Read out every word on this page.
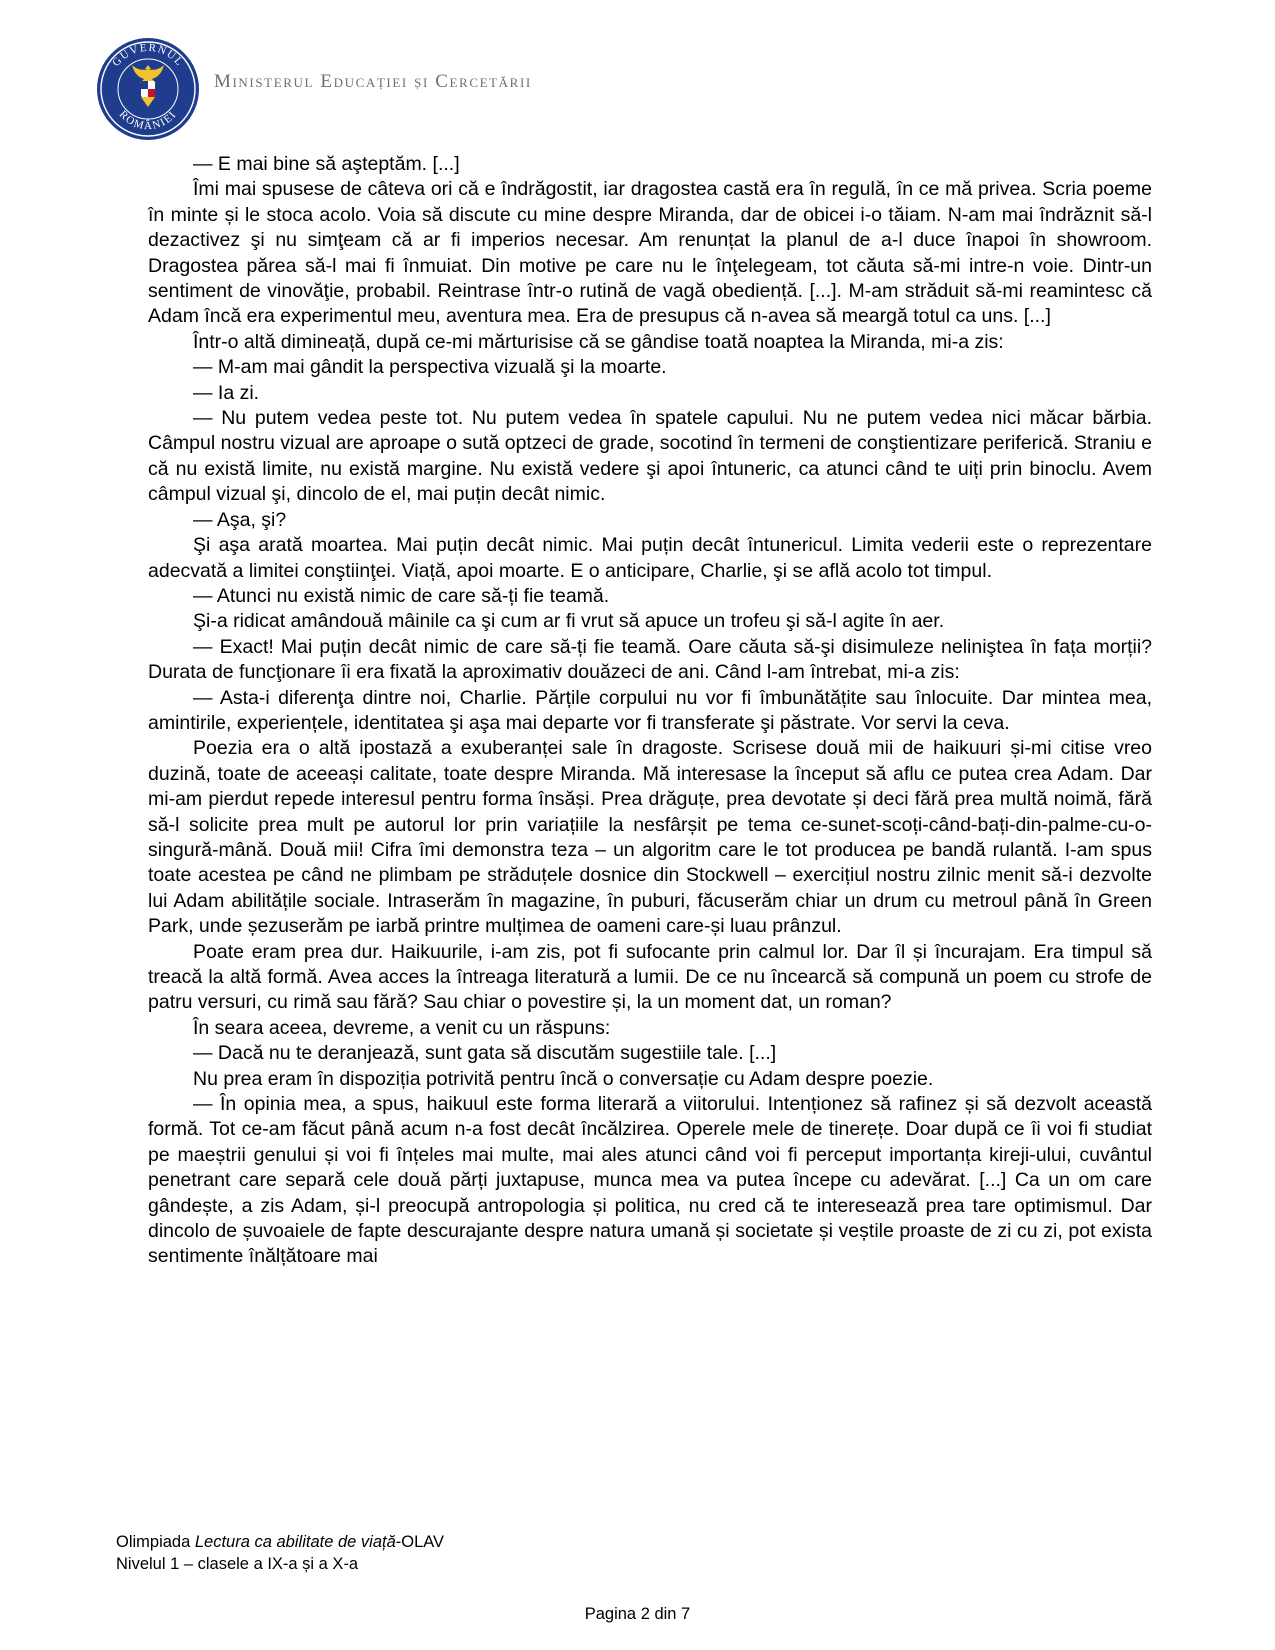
GUVERNUL
ROMÂNIEI
Ministerul Educației și Cercetării

— E mai bine să aşteptăm. [...]

Îmi mai spusese de câteva ori că e îndrăgostit, iar dragostea castă era în regulă, în ce mă privea. Scria poeme în minte și le stoca acolo. Voia să discute cu mine despre Miranda, dar de obicei i-o tăiam. N-am mai îndrăznit să-l dezactivez şi nu simţeam că ar fi imperios necesar. Am renunțat la planul de a-l duce înapoi în showroom. Dragostea părea să-l mai fi înmuiat. Din motive pe care nu le înţelegeam, tot căuta să-mi intre-n voie. Dintr-un sentiment de vinovăţie, probabil. Reintrase într-o rutină de vagă obediență. [...]. M-am străduit să-mi reamintesc că Adam încă era experimentul meu, aventura mea. Era de presupus că n-avea să meargă totul ca uns. [...]

Într-o altă dimineață, după ce-mi mărturisise că se gândise toată noaptea la Miranda, mi-a zis:

— M-am mai gândit la perspectiva vizuală şi la moarte.

— Ia zi.

— Nu putem vedea peste tot. Nu putem vedea în spatele capului. Nu ne putem vedea nici măcar bărbia. Câmpul nostru vizual are aproape o sută optzeci de grade, socotind în termeni de conştientizare periferică. Straniu e că nu există limite, nu există margine. Nu există vedere şi apoi întuneric, ca atunci când te uiți prin binoclu. Avem câmpul vizual şi, dincolo de el, mai puțin decât nimic.

— Aşa, şi?

Şi aşa arată moartea. Mai puțin decât nimic. Mai puțin decât întunericul. Limita vederii este o reprezentare adecvată a limitei conştiinţei. Viață, apoi moarte. E o anticipare, Charlie, şi se află acolo tot timpul.

— Atunci nu există nimic de care să-ți fie teamă.

Şi-a ridicat amândouă mâinile ca şi cum ar fi vrut să apuce un trofeu şi să-l agite în aer.

— Exact! Mai puțin decât nimic de care să-ți fie teamă. Oare căuta să-şi disimuleze neliniştea în fața morții? Durata de funcţionare îi era fixată la aproximativ douăzeci de ani. Când l-am întrebat, mi-a zis:

— Asta-i diferenţa dintre noi, Charlie. Părțile corpului nu vor fi îmbunătățite sau înlocuite. Dar mintea mea, amintirile, experiențele, identitatea şi aşa mai departe vor fi transferate şi păstrate. Vor servi la ceva.

Poezia era o altă ipostază a exuberanței sale în dragoste. Scrisese două mii de haikuuri și-mi citise vreo duzină, toate de aceeași calitate, toate despre Miranda. Mă interesase la început să aflu ce putea crea Adam. Dar mi-am pierdut repede interesul pentru forma însăși. Prea drăguțe, prea devotate și deci fără prea multă noimă, fără să-l solicite prea mult pe autorul lor prin variațiile la nesfârșit pe tema ce-sunet-scoți-când-bați-din-palme-cu-o-singură-mână. Două mii! Cifra îmi demonstra teza – un algoritm care le tot producea pe bandă rulantă. I-am spus toate acestea pe când ne plimbam pe străduțele dosnice din Stockwell – exercițiul nostru zilnic menit să-i dezvolte lui Adam abilitățile sociale. Intraserăm în magazine, în puburi, făcuserăm chiar un drum cu metroul până în Green Park, unde șezuserăm pe iarbă printre mulțimea de oameni care-și luau prânzul.

Poate eram prea dur. Haikuurile, i-am zis, pot fi sufocante prin calmul lor. Dar îl și încurajam. Era timpul să treacă la altă formă. Avea acces la întreaga literatură a lumii. De ce nu încearcă să compună un poem cu strofe de patru versuri, cu rimă sau fără? Sau chiar o povestire și, la un moment dat, un roman?

În seara aceea, devreme, a venit cu un răspuns:

— Dacă nu te deranjează, sunt gata să discutăm sugestiile tale. [...]

Nu prea eram în dispoziția potrivită pentru încă o conversație cu Adam despre poezie.

— În opinia mea, a spus, haikuul este forma literară a viitorului. Intenționez să rafinez și să dezvolt această formă. Tot ce-am făcut până acum n-a fost decât încălzirea. Operele mele de tinerețe. Doar după ce îi voi fi studiat pe maeștrii genului și voi fi înțeles mai multe, mai ales atunci când voi fi perceput importanța kireji-ului, cuvântul penetrant care separă cele două părți juxtapuse, munca mea va putea începe cu adevărat. [...] Ca un om care gândește, a zis Adam, și-l preocupă antropologia și politica, nu cred că te interesează prea tare optimismul. Dar dincolo de șuvoaiele de fapte descurajante despre natura umană și societate și veștile proaste de zi cu zi, pot exista sentimente înălțătoare mai

Olimpiada Lectura ca abilitate de viață-OLAV
Nivelul 1 – clasele a IX-a și a X-a
Pagina 2 din 7
